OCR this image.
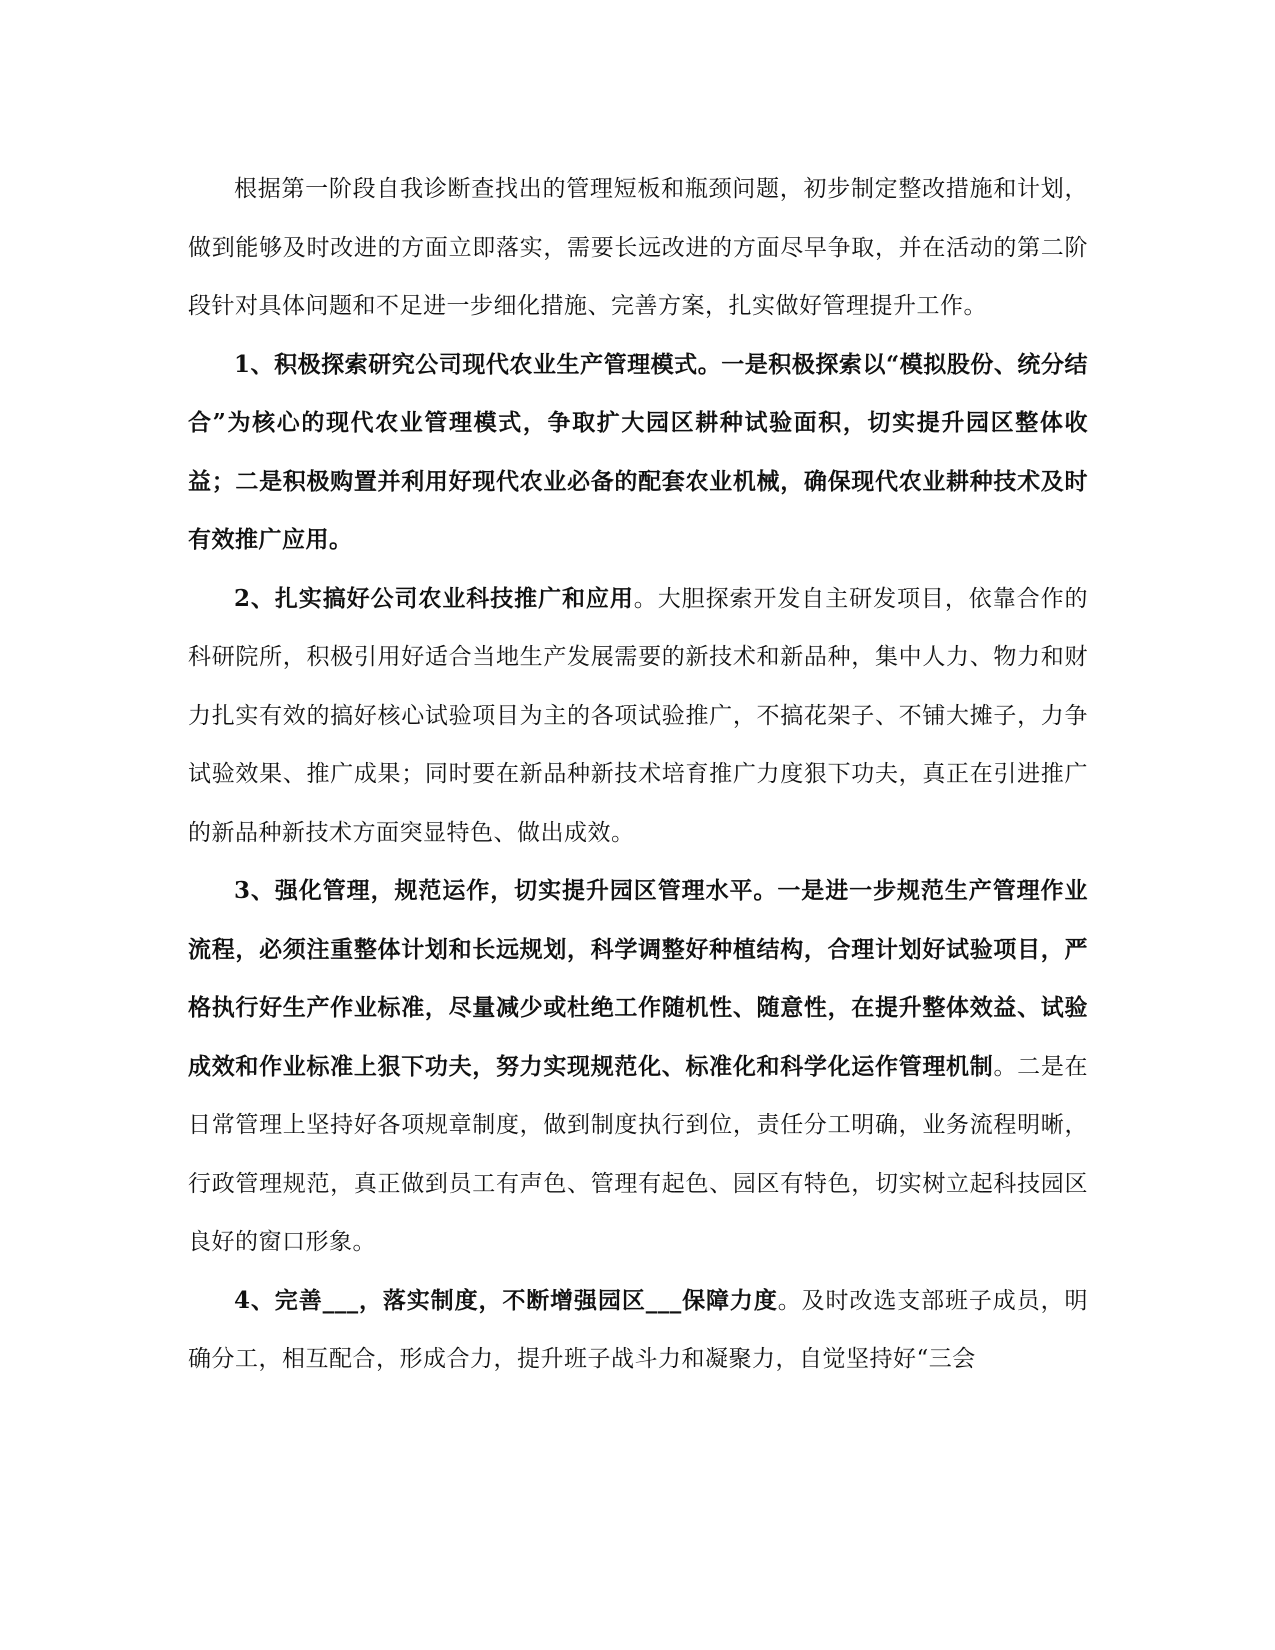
根据第一阶段自我诊断查找出的管理短板和瓶颈问题，初步制定整改措施和计划，做到能够及时改进的方面立即落实，需要长远改进的方面尽早争取，并在活动的第二阶段针对具体问题和不足进一步细化措施、完善方案，扎实做好管理提升工作。

1、积极探索研究公司现代农业生产管理模式。一是积极探索以“模拟股份、统分结合”为核心的现代农业管理模式，争取扩大园区耕种试验面积，切实提升园区整体收益；二是积极购置并利用好现代农业必备的配套农业机械，确保现代农业耕种技术及时有效推广应用。

2、扎实搞好公司农业科技推广和应用。大胆探索开发自主研发项目，依靠合作的科研院所，积极引用好适合当地生产发展需要的新技术和新品种，集中人力、物力和财力扎实有效的搞好核心试验项目为主的各项试验推广，不搞花架子、不铺大摊子，力争试验效果、推广成果；同时要在新品种新技术培育推广力度狠下功夫，真正在引进推广的新品种新技术方面突显特色、做出成效。

3、强化管理，规范运作，切实提升园区管理水平。一是进一步规范生产管理作业流程，必须注重整体计划和长远规划，科学调整好种植结构，合理计划好试验项目，严格执行好生产作业标准，尽量减少或杜绝工作随机性、随意性，在提升整体效益、试验成效和作业标准上狠下功夫，努力实现规范化、标准化和科学化运作管理机制。二是在日常管理上坚持好各项规章制度，做到制度执行到位，责任分工明确，业务流程明晰，行政管理规范，真正做到员工有声色、管理有起色、园区有特色，切实树立起科技园区良好的窗口形象。

4、完善___，落实制度，不断增强园区___保障力度。及时改选支部班子成员，明确分工，相互配合，形成合力，提升班子战斗力和凝聚力，自觉坚持好“三会
